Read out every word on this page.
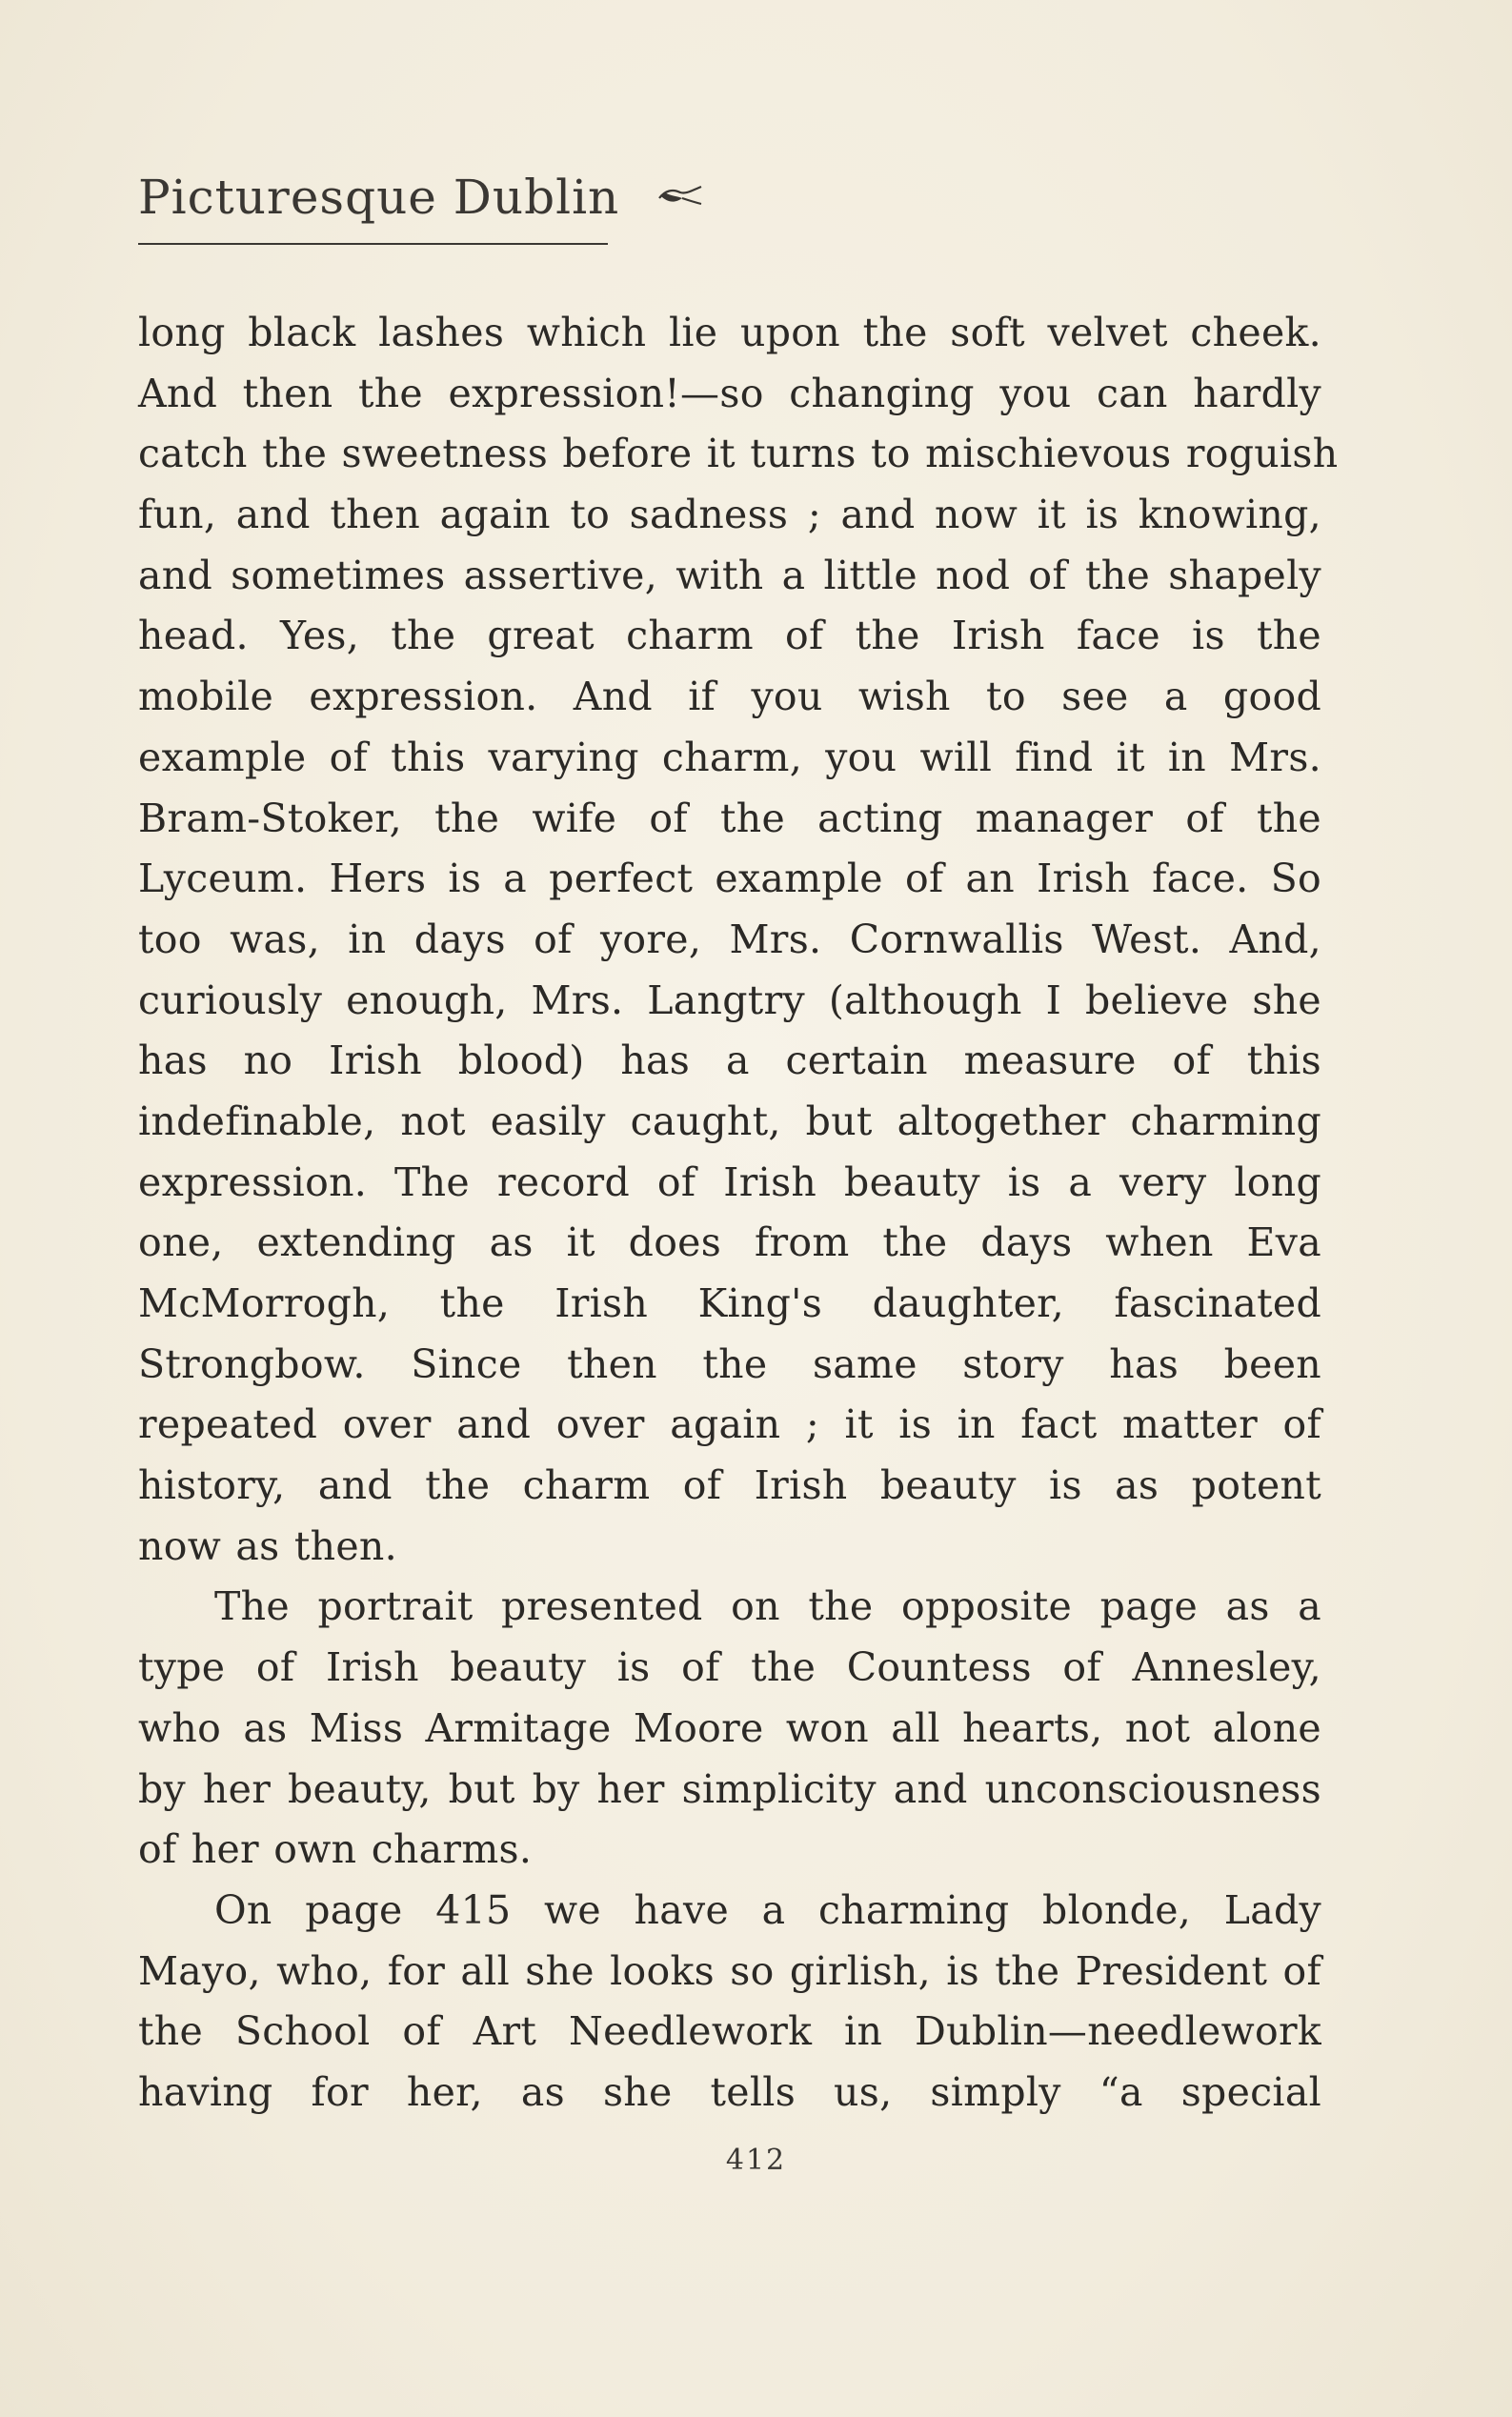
Picturesque Dublin
long black lashes which lie upon the soft velvet cheek.
And then the expression!—so changing you can hardly
catch the sweetness before it turns to mischievous roguish
fun, and then again to sadness ; and now it is knowing,
and sometimes assertive, with a little nod of the shapely
head. Yes, the great charm of the Irish face is the
mobile expression. And if you wish to see a good
example of this varying charm, you will find it in Mrs.
Bram-Stoker, the wife of the acting manager of the
Lyceum. Hers is a perfect example of an Irish face. So
too was, in days of yore, Mrs. Cornwallis West. And,
curiously enough, Mrs. Langtry (although I believe she
has no Irish blood) has a certain measure of this
indefinable, not easily caught, but altogether charming
expression. The record of Irish beauty is a very long
one, extending as it does from the days when Eva
McMorrogh, the Irish King's daughter, fascinated
Strongbow. Since then the same story has been
repeated over and over again ; it is in fact matter of
history, and the charm of Irish beauty is as potent
now as then.
The portrait presented on the opposite page as a
type of Irish beauty is of the Countess of Annesley,
who as Miss Armitage Moore won all hearts, not alone
by her beauty, but by her simplicity and unconsciousness
of her own charms.
On page 415 we have a charming blonde, Lady
Mayo, who, for all she looks so girlish, is the President of
the School of Art Needlework in Dublin—needlework
having for her, as she tells us, simply “a special
412
